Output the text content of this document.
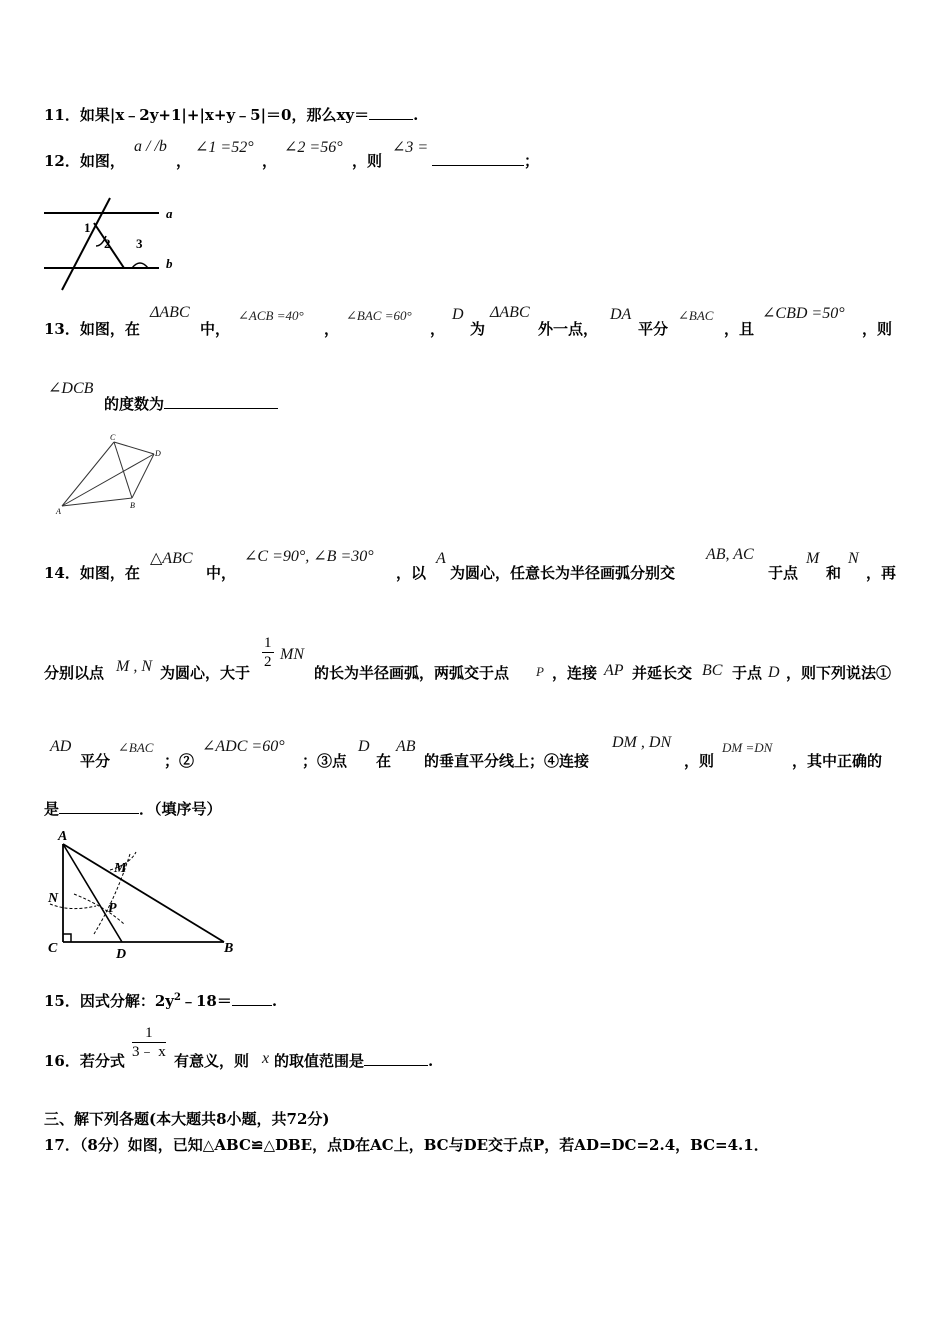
11．如果|x﹣2y+1|+|x+y﹣5|＝0，那么xy＝	.
12．如图，
a / /b
，
∠1 =52°
，
∠2 =56°
，则
∠3 =
；
a
b
1
2 3
13．如图，在
ΔABC
中，
∠ACB =40°
，
∠BAC =60°
，
D
为
ΔABC
外一点，
DA
平分
∠BAC
，且
∠CBD =50°
，则
∠DCB
的度数为
C
D
A
B
14．如图，在
△ABC
中，
∠C =90°, ∠B =30°
，以
A
为圆心，任意长为半径画弧分别交
AB, AC
于点
M
和
N
，再
分别以点 M , N 为圆心，大于
$\frac{1}{2}$ MN
的长为半径画弧，两弧交于点 P ，连接 AP 并延长交 BC 于点 D ，则下列说法①
AD
平分
∠BAC
；②
∠ADC =60°
；③点
D
在
AB
的垂直平分线上；④连接
DM , DN
，则
DM =DN
，其中正确的
是	．（填序号）
A
M
N
P
C	D	B
15．因式分解：$2y^2﹣18=$	.
16．若分式 $\frac{1}{3﹣ x}$ 有意义，则 x 的取值范围是	.
三、解下列各题(本大题共8小题，共72分)
17．（8分）如图，已知△ABC≌△DBE，点D在AC上，BC与DE交于点P，若AD=DC=2.4，BC=4.1．
